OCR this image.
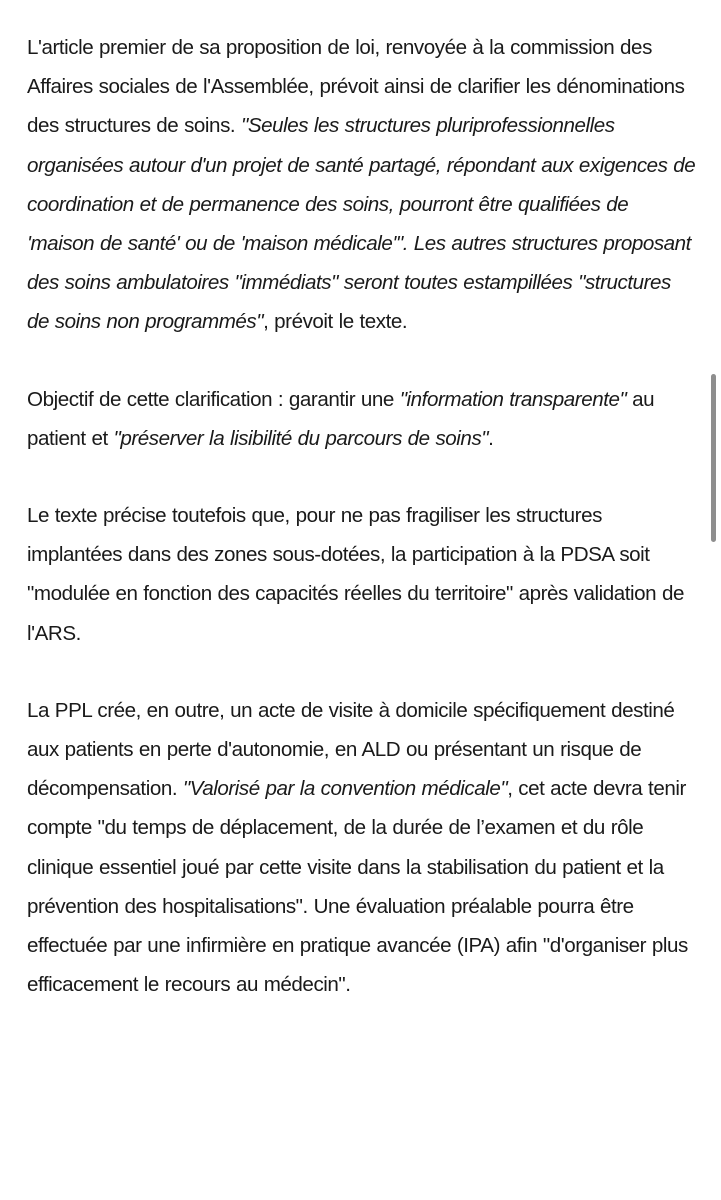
L'article premier de sa proposition de loi, renvoyée à la commission des Affaires sociales de l'Assemblée, prévoit ainsi de clarifier les dénominations des structures de soins. "Seules les structures pluriprofessionnelles organisées autour d'un projet de santé partagé, répondant aux exigences de coordination et de permanence des soins, pourront être qualifiées de 'maison de santé' ou de 'maison médicale'". Les autres structures proposant des soins ambulatoires "immédiats" seront toutes estampillées "structures de soins non programmés", prévoit le texte.

Objectif de cette clarification : garantir une "information transparente" au patient et "préserver la lisibilité du parcours de soins".

Le texte précise toutefois que, pour ne pas fragiliser les structures implantées dans des zones sous-dotées, la participation à la PDSA soit "modulée en fonction des capacités réelles du territoire" après validation de l'ARS.

La PPL crée, en outre, un acte de visite à domicile spécifiquement destiné aux patients en perte d'autonomie, en ALD ou présentant un risque de décompensation. "Valorisé par la convention médicale", cet acte devra tenir compte "du temps de déplacement, de la durée de l’examen et du rôle clinique essentiel joué par cette visite dans la stabilisation du patient et la prévention des hospitalisations". Une évaluation préalable pourra être effectuée par une infirmière en pratique avancée (IPA) afin "d'organiser plus efficacement le recours au médecin".
